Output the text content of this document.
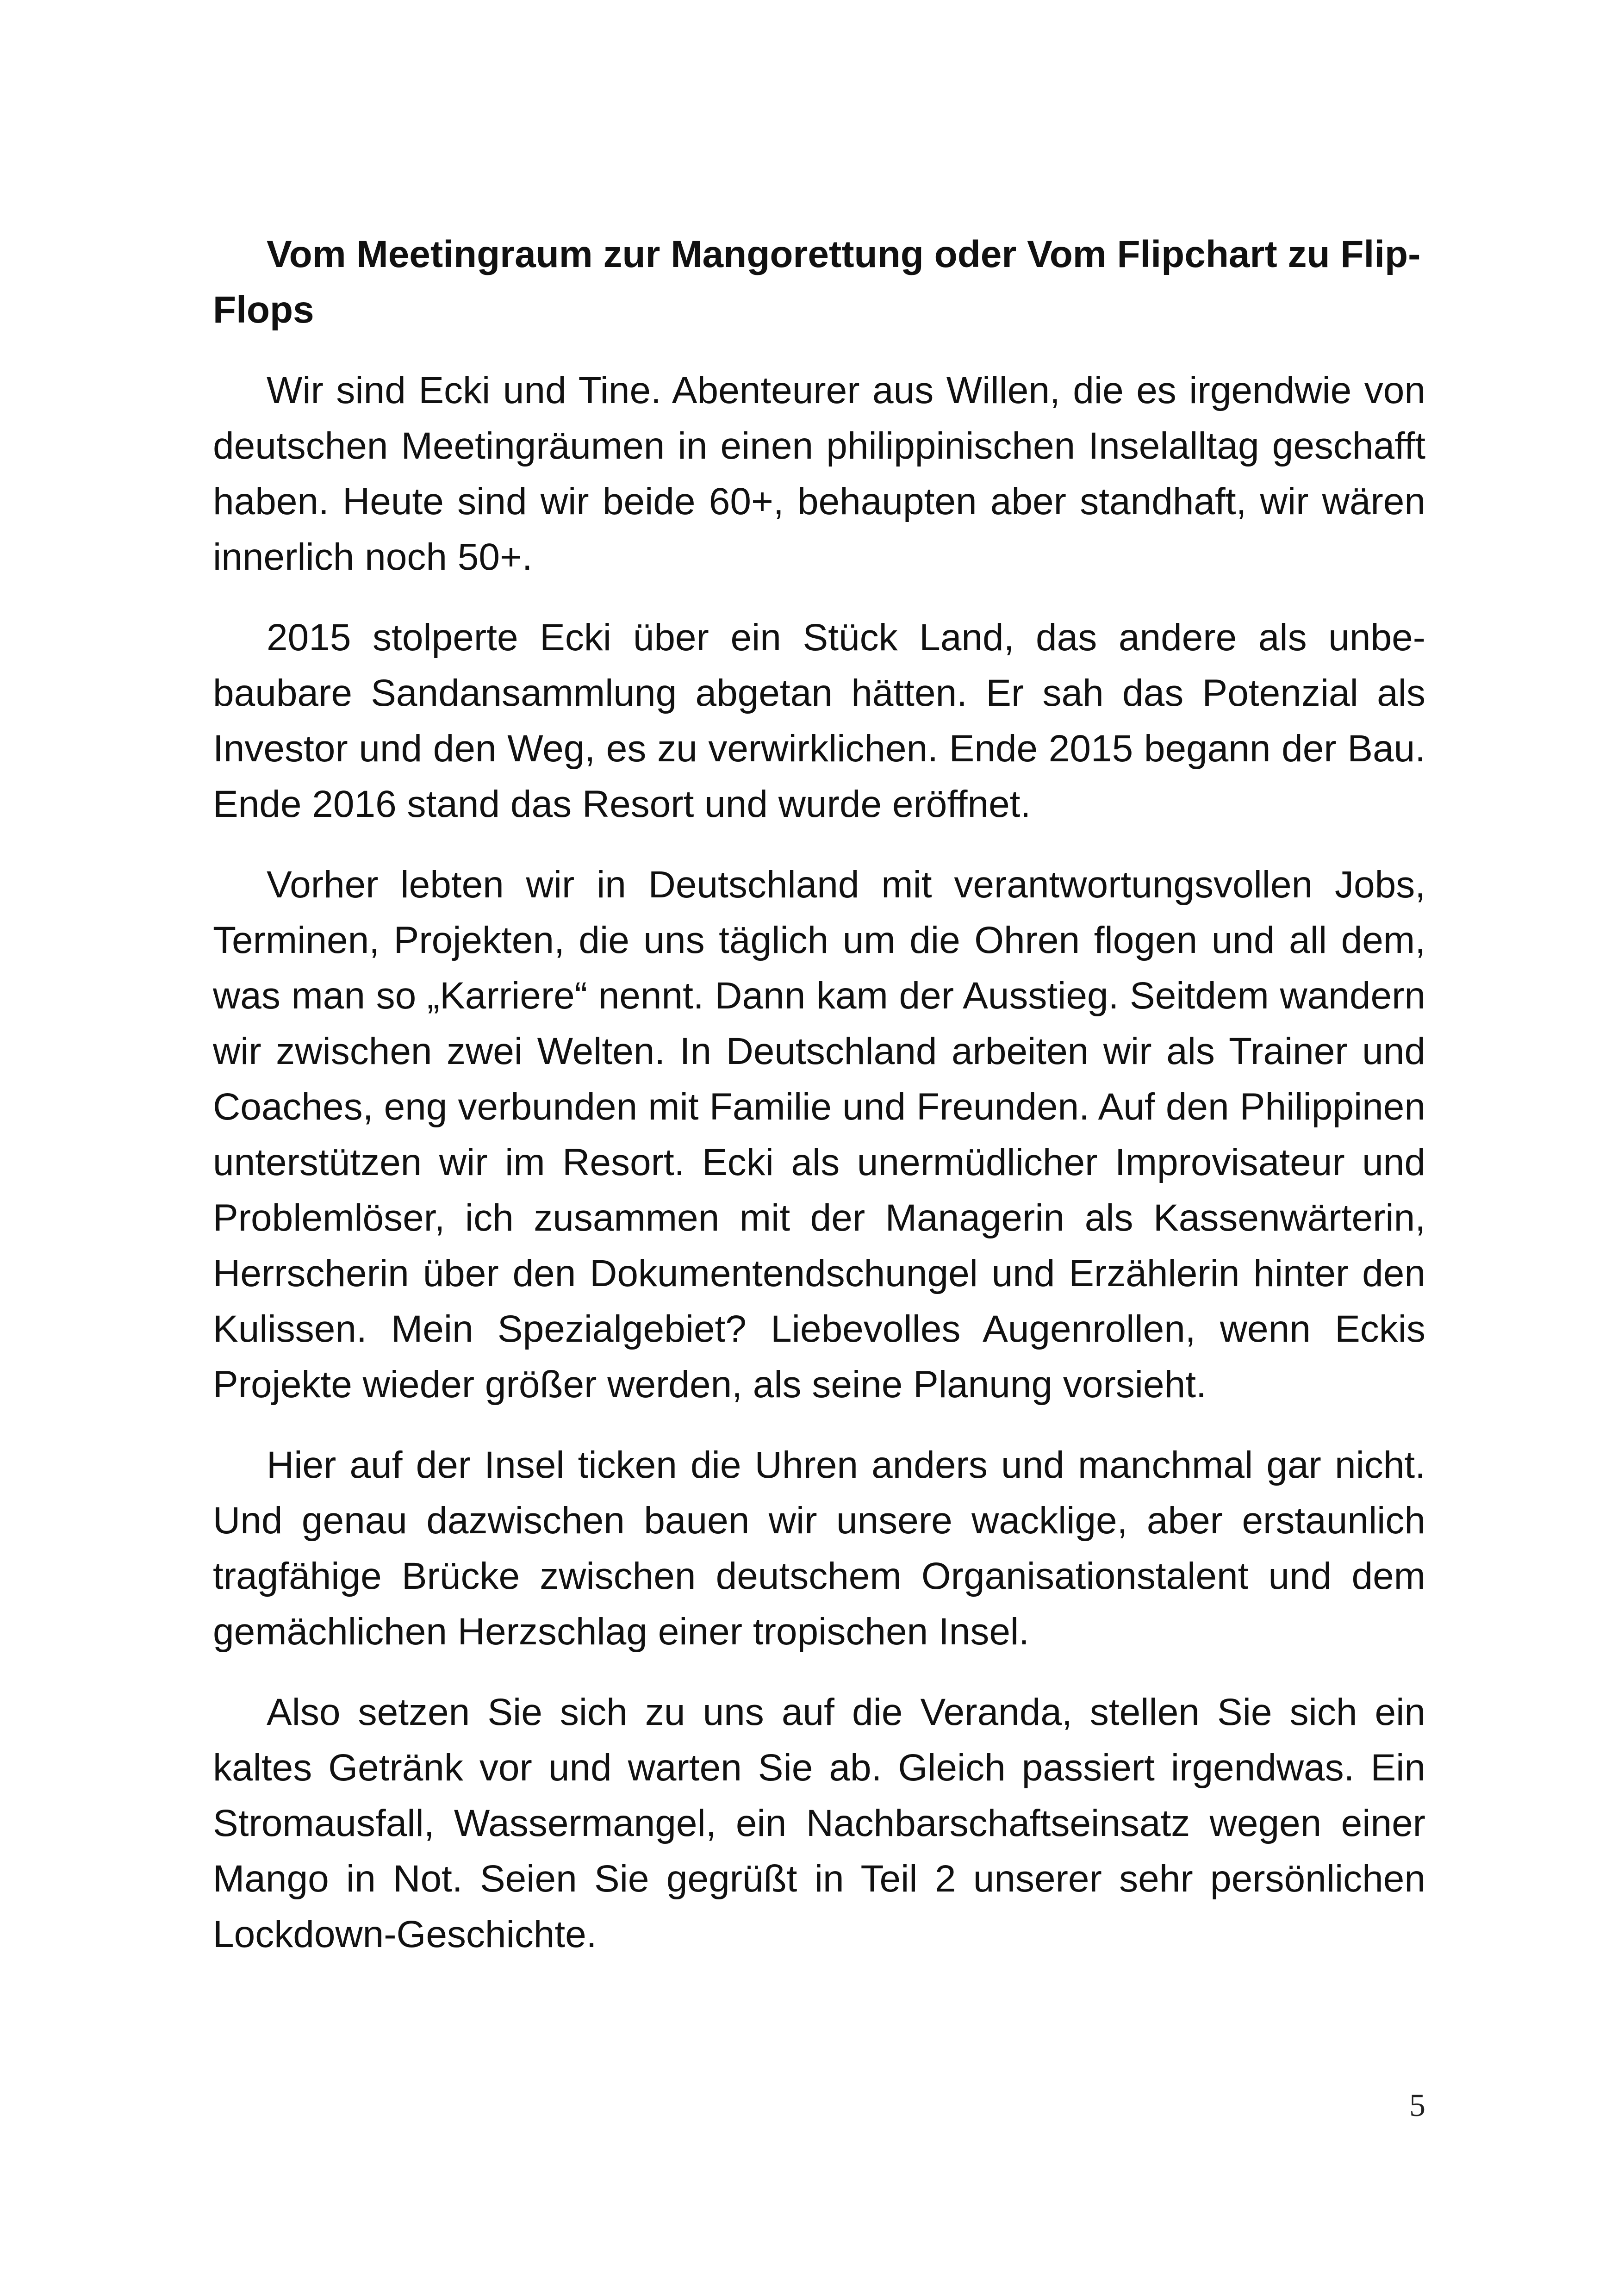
Vom Meetingraum zur Mangorettung oder Vom Flipchart zu Flip-Flops

Wir sind Ecki und Tine. Abenteurer aus Willen, die es irgendwie von deutschen Meetingräumen in einen philippinischen Inselalltag geschafft haben. Heute sind wir beide 60+, behaupten aber standhaft, wir wären innerlich noch 50+.

2015 stolperte Ecki über ein Stück Land, das andere als unbebaubare Sandansammlung abgetan hätten. Er sah das Potenzial als Investor und den Weg, es zu verwirklichen. Ende 2015 begann der Bau. Ende 2016 stand das Resort und wurde eröffnet.

Vorher lebten wir in Deutschland mit verantwortungsvollen Jobs, Terminen, Projekten, die uns täglich um die Ohren flogen und all dem, was man so „Karriere“ nennt. Dann kam der Ausstieg. Seitdem wandern wir zwischen zwei Welten. In Deutschland arbeiten wir als Trainer und Coaches, eng verbunden mit Familie und Freunden. Auf den Philippinen unterstützen wir im Resort. Ecki als unermüdlicher Improvisateur und Problemlöser, ich zusammen mit der Managerin als Kassenwärterin, Herrscherin über den Dokumentendschungel und Erzählerin hinter den Kulissen. Mein Spezialgebiet? Liebevolles Augenrollen, wenn Eckis Projekte wieder größer werden, als seine Planung vorsieht.

Hier auf der Insel ticken die Uhren anders und manchmal gar nicht. Und genau dazwischen bauen wir unsere wacklige, aber erstaunlich tragfähige Brücke zwischen deutschem Organisationstalent und dem gemächlichen Herzschlag einer tropischen Insel.

Also setzen Sie sich zu uns auf die Veranda, stellen Sie sich ein kaltes Getränk vor und warten Sie ab. Gleich passiert irgendwas. Ein Stromausfall, Wassermangel, ein Nachbarschaftseinsatz wegen einer Mango in Not. Seien Sie gegrüßt in Teil 2 unserer sehr persönlichen Lockdown-Geschichte.

5
